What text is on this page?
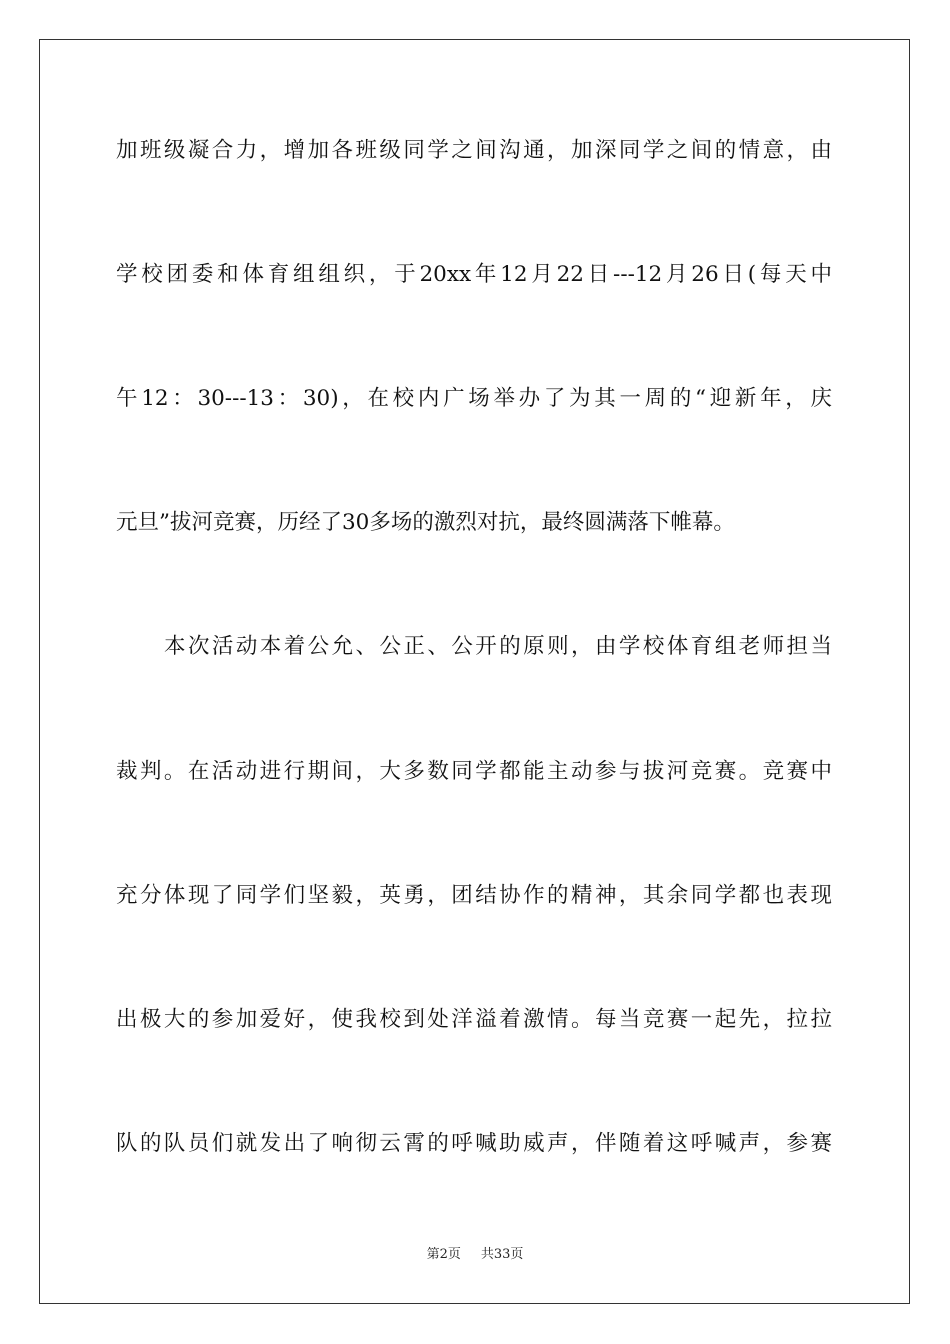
加班级凝合力，增加各班级同学之间沟通，加深同学之间的情意，由
学校团委和体育组组织，于20xx年12月22日---12月26日(每天中
午12：30---13：30)，在校内广场举办了为其一周的“迎新年，庆
元旦”拔河竞赛，历经了30多场的激烈对抗，最终圆满落下帷幕。
本次活动本着公允、公正、公开的原则，由学校体育组老师担当
裁判。在活动进行期间，大多数同学都能主动参与拔河竞赛。竞赛中
充分体现了同学们坚毅，英勇，团结协作的精神，其余同学都也表现
出极大的参加爱好，使我校到处洋溢着激情。每当竞赛一起先，拉拉
队的队员们就发出了响彻云霄的呼喊助威声，伴随着这呼喊声，参赛
第2页 共33页
